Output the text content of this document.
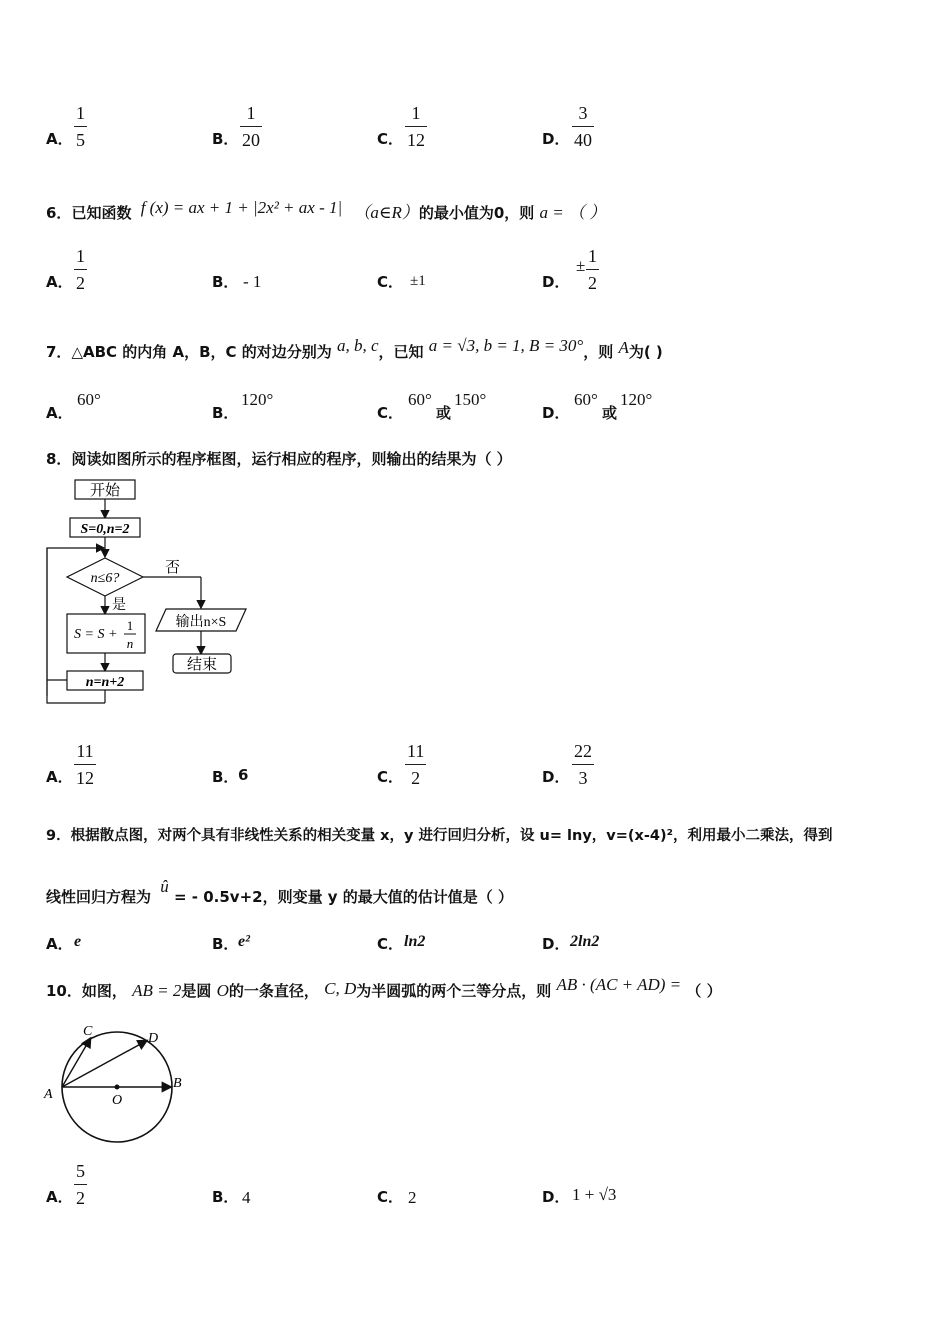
A．
1
5	B．
1
20	C．
1
12	D．
3
40
6．已知函数 f (x) = ax + 1 + |2x² + ax - 1| （a∈R）的最小值为0，则 a = （ ）
A．
1
2	B． - 1	C． ±1	D．
± 1
2
7．△ABC 的内角 A，B，C 的对边分别为 a, b, c，已知 a = √3, b = 1, B = 30°，则 A为( )
A．
60°
B．
120°
C．
60°
或
150°
D．
60°
或
120°
8．阅读如图所示的程序框图，运行相应的程序，则输出的结果为（ ）
开始
S=0,n=2
n≤6?
否
是
S = S +
1
n
n=n+2
输出n×S
结束
A．
11
12	B． 6	C．
11
2	D．
22
3
9．根据散点图，对两个具有非线性关系的相关变量 x，y 进行回归分析，设 u= lny，v=(x-4)²，利用最小二乘法，得到
线性回归方程为 û = - 0.5v+2，则变量 y 的最大值的估计值是（ ）
A． e	B． e²	C． ln2	D． 2ln2
10．如图， AB = 2是圆 O的一条直径， C, D为半圆弧的两个三等分点，则 AB · (AC + AD) = （ ）
A
B
C	D
O
A．
5
2	B． 4	C． 2	D． 1 + √3
